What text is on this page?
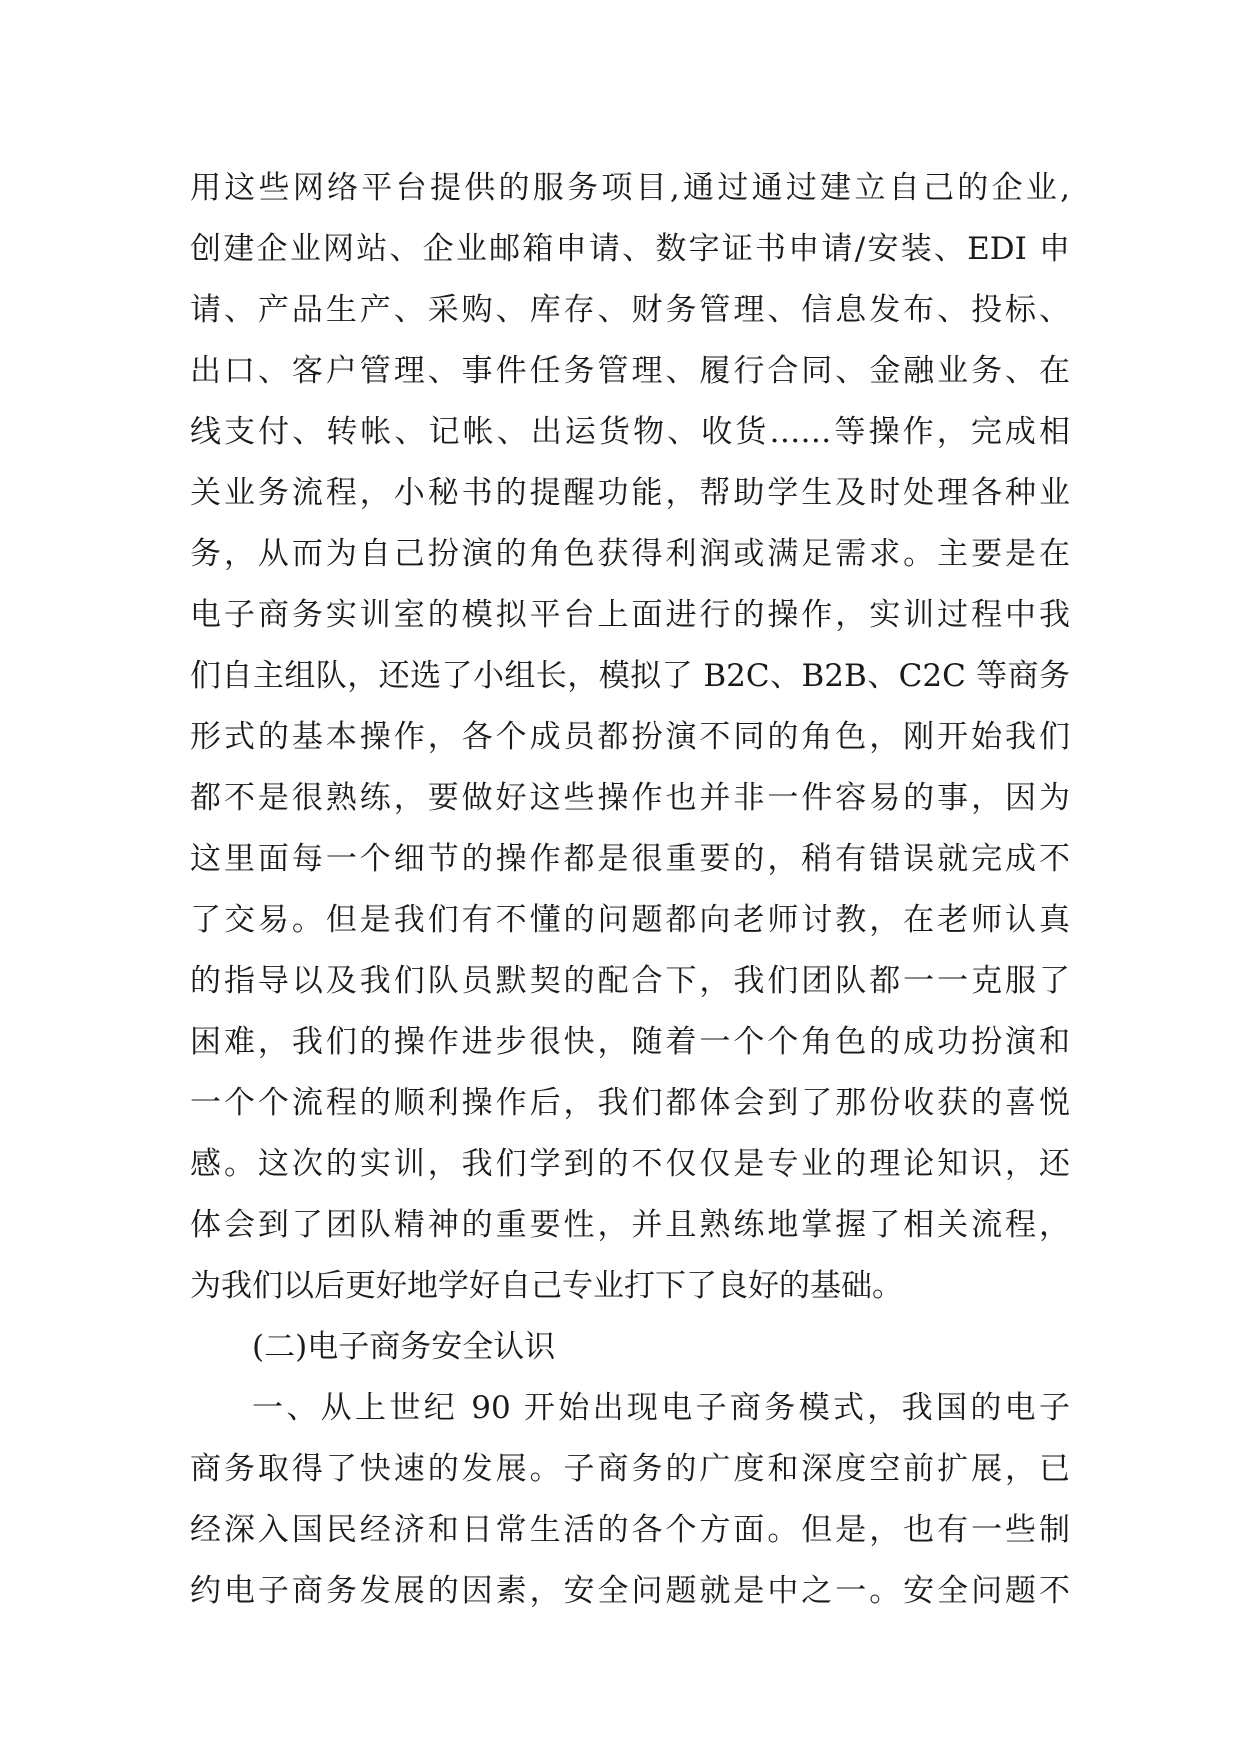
用这些网络平台提供的服务项目,通过通过建立自己的企业,
创建企业网站、企业邮箱申请、数字证书申请/安装、EDI 申
请、产品生产、采购、库存、财务管理、信息发布、投标、
出口、客户管理、事件任务管理、履行合同、金融业务、在
线支付、转帐、记帐、出运货物、收货……等操作，完成相
关业务流程，小秘书的提醒功能，帮助学生及时处理各种业
务，从而为自己扮演的角色获得利润或满足需求。主要是在
电子商务实训室的模拟平台上面进行的操作，实训过程中我
们自主组队，还选了小组长，模拟了 B2C、B2B、C2C 等商务
形式的基本操作，各个成员都扮演不同的角色，刚开始我们
都不是很熟练，要做好这些操作也并非一件容易的事，因为
这里面每一个细节的操作都是很重要的，稍有错误就完成不
了交易。但是我们有不懂的问题都向老师讨教，在老师认真
的指导以及我们队员默契的配合下，我们团队都一一克服了
困难，我们的操作进步很快，随着一个个角色的成功扮演和
一个个流程的顺利操作后，我们都体会到了那份收获的喜悦
感。这次的实训，我们学到的不仅仅是专业的理论知识，还
体会到了团队精神的重要性，并且熟练地掌握了相关流程，
为我们以后更好地学好自己专业打下了良好的基础。
(二)电子商务安全认识
一、从上世纪 90 开始出现电子商务模式，我国的电子
商务取得了快速的发展。子商务的广度和深度空前扩展，已
经深入国民经济和日常生活的各个方面。但是，也有一些制
约电子商务发展的因素，安全问题就是中之一。安全问题不
